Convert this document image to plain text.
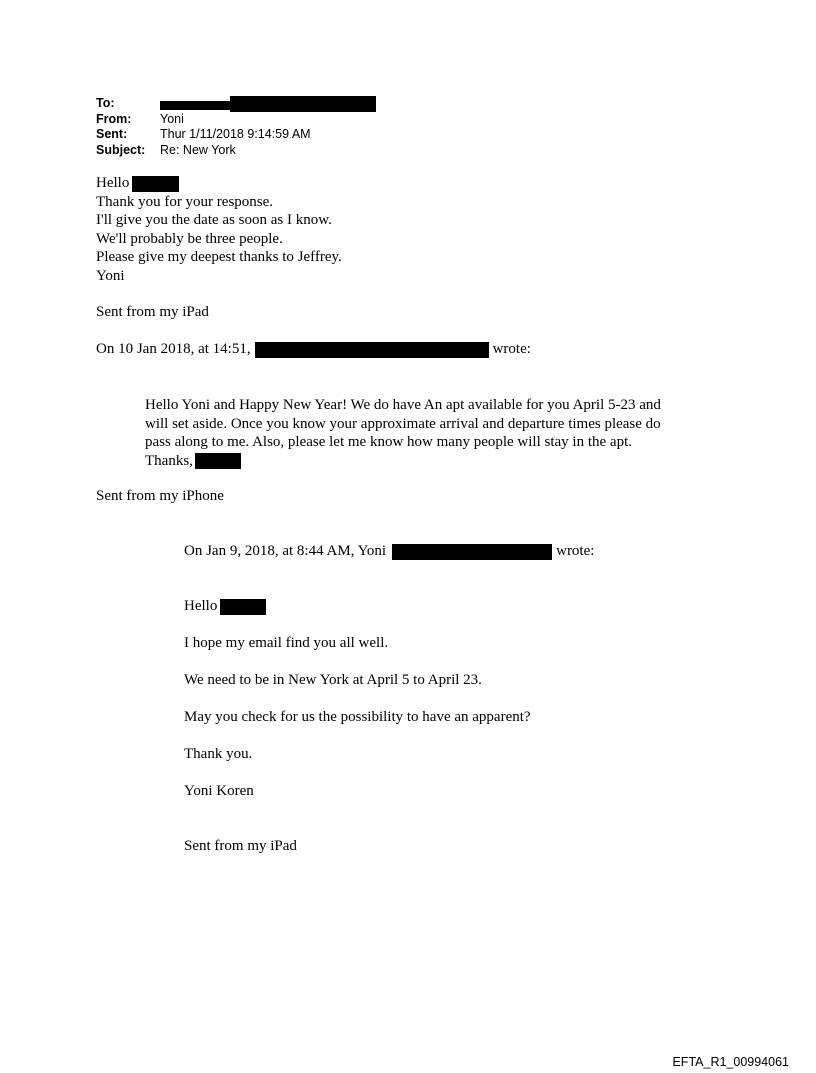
To:
From:	Yoni
Sent:	Thur 1/11/2018 9:14:59 AM
Subject:	Re: New York
Hello
Thank you for your response.
I'll give you the date as soon as I know.
We'll probably be three people.
Please give my deepest thanks to Jeffrey.
Yoni
Sent from my iPad
On 10 Jan 2018, at 14:51,	wrote:
Hello Yoni and Happy New Year! We do have An apt available for you April 5-23 and will set aside. Once you know your approximate arrival and departure times please do pass along to me. Also, please let me know how many people will stay in the apt. Thanks,
Sent from my iPhone
On Jan 9, 2018, at 8:44 AM, Yoni	wrote:
Hello
I hope my email find you all well.
We need to be in New York at April 5 to April 23.
May you check for us the possibility to have an apparent?
Thank you.
Yoni Koren
Sent from my iPad
EFTA_R1_00994061
